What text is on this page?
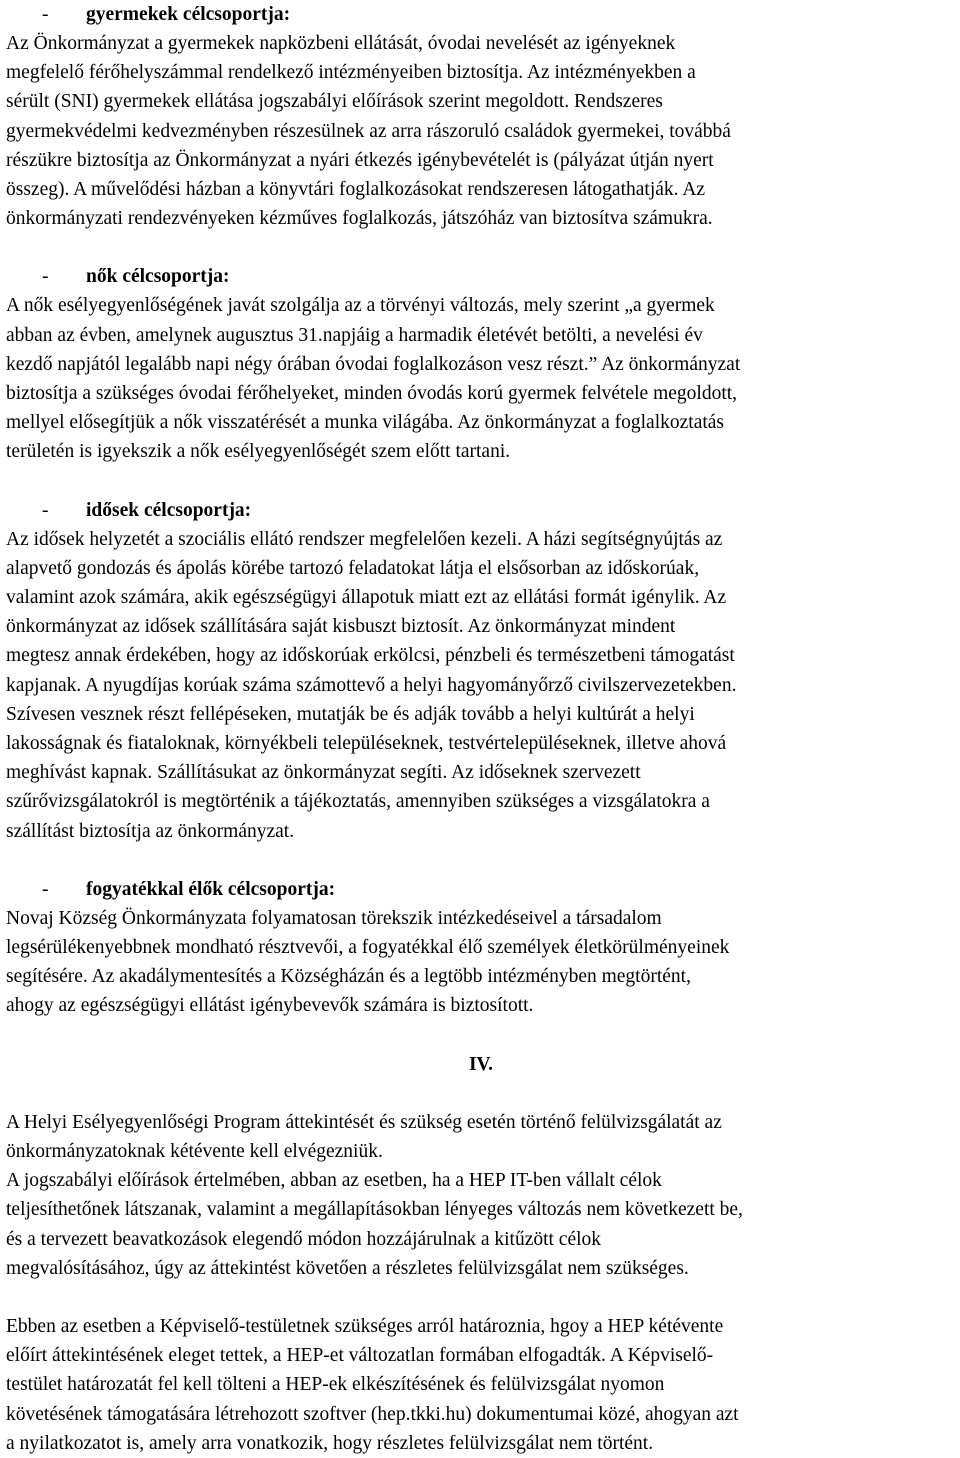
- gyermekek célcsoportja:

Az Önkormányzat a gyermekek napközbeni ellátását, óvodai nevelését az igényeknek
megfelelő férőhelyszámmal rendelkező intézményeiben biztosítja. Az intézményekben a
sérült (SNI) gyermekek ellátása jogszabályi előírások szerint megoldott. Rendszeres
gyermekvédelmi kedvezményben részesülnek az arra rászoruló családok gyermekei, továbbá
részükre biztosítja az Önkormányzat a nyári étkezés igénybevételét is (pályázat útján nyert
összeg). A művelődési házban a könyvtári foglalkozásokat rendszeresen látogathatják. Az
önkormányzati rendezvényeken kézműves foglalkozás, játszóház van biztosítva számukra.

- nők célcsoportja:

A nők esélyegyenlőségének javát szolgálja az a törvényi változás, mely szerint „a gyermek
abban az évben, amelynek augusztus 31.napjáig a harmadik életévét betölti, a nevelési év
kezdő napjától legalább napi négy órában óvodai foglalkozáson vesz részt.” Az önkormányzat
biztosítja a szükséges óvodai férőhelyeket, minden óvodás korú gyermek felvétele megoldott,
mellyel elősegítjük a nők visszatérését a munka világába. Az önkormányzat a foglalkoztatás
területén is igyekszik a nők esélyegyenlőségét szem előtt tartani.

- idősek célcsoportja:

Az idősek helyzetét a szociális ellátó rendszer megfelelően kezeli. A házi segítségnyújtás az
alapvető gondozás és ápolás körébe tartozó feladatokat látja el elsősorban az időskorúak,
valamint azok számára, akik egészségügyi állapotuk miatt ezt az ellátási formát igénylik. Az
önkormányzat az idősek szállítására saját kisbuszt biztosít. Az önkormányzat mindent
megtesz annak érdekében, hogy az időskorúak erkölcsi, pénzbeli és természetbeni támogatást
kapjanak. A nyugdíjas korúak száma számottevő a helyi hagyományőrző civilszervezetekben.
Szívesen vesznek részt fellépéseken, mutatják be és adják tovább a helyi kultúrát a helyi
lakosságnak és fiataloknak, környékbeli településeknek, testvértelepüléseknek, illetve ahová
meghívást kapnak. Szállításukat az önkormányzat segíti. Az időseknek szervezett
szűrővizsgálatokról is megtörténik a tájékoztatás, amennyiben szükséges a vizsgálatokra a
szállítást biztosítja az önkormányzat.

- fogyatékkal élők célcsoportja:

Novaj Község Önkormányzata folyamatosan törekszik intézkedéseivel a társadalom
legsérülékenyebbnek mondható résztvevői, a fogyatékkal élő személyek életkörülményeinek
segítésére. Az akadálymentesítés a Községházán és a legtöbb intézményben megtörtént,
ahogy az egészségügyi ellátást igénybevevők számára is biztosított.

IV.

A Helyi Esélyegyenlőségi Program áttekintését és szükség esetén történő felülvizsgálatát az
önkormányzatoknak kétévente kell elvégezniük.
A jogszabályi előírások értelmében, abban az esetben, ha a HEP IT-ben vállalt célok
teljesíthetőnek látszanak, valamint a megállapításokban lényeges változás nem következett be,
és a tervezett beavatkozások elegendő módon hozzájárulnak a kitűzött célok
megvalósításához, úgy az áttekintést követően a részletes felülvizsgálat nem szükséges.

Ebben az esetben a Képviselő-testületnek szükséges arról határoznia, hgoy a HEP kétévente
előírt áttekintésének eleget tettek, a HEP-et változatlan formában elfogadták. A Képviselő-
testület határozatát fel kell tölteni a HEP-ek elkészítésének és felülvizsgálat nyomon
követésének támogatására létrehozott szoftver (hep.tkki.hu) dokumentumai közé, ahogyan azt
a nyilatkozatot is, amely arra vonatkozik, hogy részletes felülvizsgálat nem történt.
